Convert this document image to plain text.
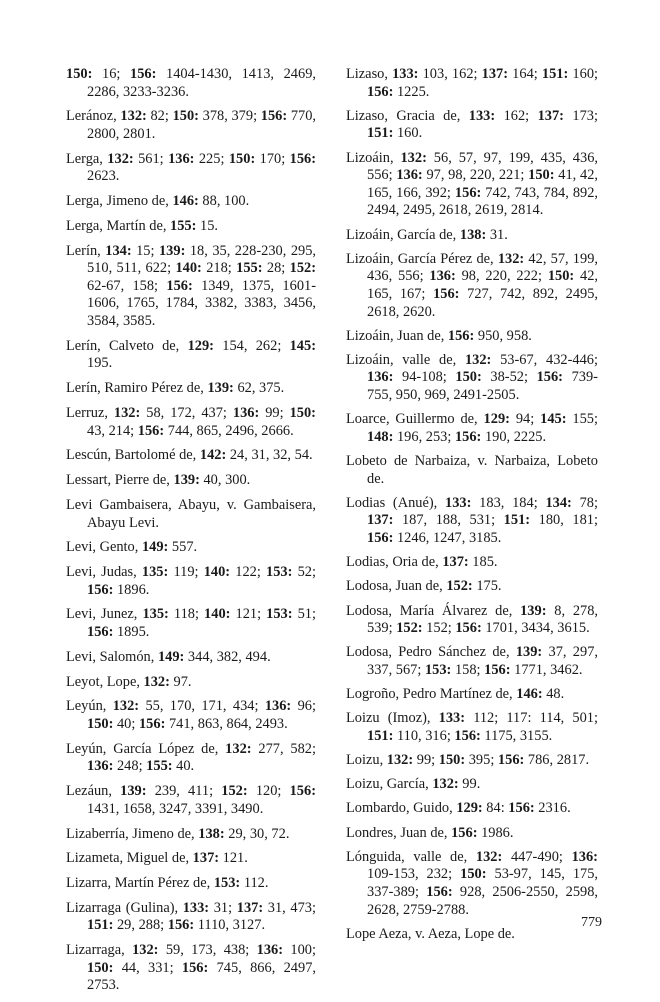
150: 16; 156: 1404-1430, 1413, 2469, 2286, 3233-3236.

Leránoz, 132: 82; 150: 378, 379; 156: 770, 2800, 2801.

Lerga, 132: 561; 136: 225; 150: 170; 156: 2623.

Lerga, Jimeno de, 146: 88, 100.

Lerga, Martín de, 155: 15.

Lerín, 134: 15; 139: 18, 35, 228-230, 295, 510, 511, 622; 140: 218; 155: 28; 152: 62-67, 158; 156: 1349, 1375, 1601-1606, 1765, 1784, 3382, 3383, 3456, 3584, 3585.

Lerín, Calveto de, 129: 154, 262; 145: 195.

Lerín, Ramiro Pérez de, 139: 62, 375.

Lerruz, 132: 58, 172, 437; 136: 99; 150: 43, 214; 156: 744, 865, 2496, 2666.

Lescún, Bartolomé de, 142: 24, 31, 32, 54.

Lessart, Pierre de, 139: 40, 300.

Levi Gambaisera, Abayu, v. Gambaisera, Abayu Levi.

Levi, Gento, 149: 557.

Levi, Judas, 135: 119; 140: 122; 153: 52; 156: 1896.

Levi, Junez, 135: 118; 140: 121; 153: 51; 156: 1895.

Levi, Salomón, 149: 344, 382, 494.

Leyot, Lope, 132: 97.

Leyún, 132: 55, 170, 171, 434; 136: 96; 150: 40; 156: 741, 863, 864, 2493.

Leyún, García López de, 132: 277, 582; 136: 248; 155: 40.

Lezáun, 139: 239, 411; 152: 120; 156: 1431, 1658, 3247, 3391, 3490.

Lizaberría, Jimeno de, 138: 29, 30, 72.

Lizameta, Miguel de, 137: 121.

Lizarra, Martín Pérez de, 153: 112.

Lizarraga (Gulina), 133: 31; 137: 31, 473; 151: 29, 288; 156: 1110, 3127.

Lizarraga, 132: 59, 173, 438; 136: 100; 150: 44, 331; 156: 745, 866, 2497, 2753.

Lizaso, 133: 103, 162; 137: 164; 151: 160; 156: 1225.

Lizaso, Gracia de, 133: 162; 137: 173; 151: 160.

Lizoáin, 132: 56, 57, 97, 199, 435, 436, 556; 136: 97, 98, 220, 221; 150: 41, 42, 165, 166, 392; 156: 742, 743, 784, 892, 2494, 2495, 2618, 2619, 2814.

Lizoáin, García de, 138: 31.

Lizoáin, García Pérez de, 132: 42, 57, 199, 436, 556; 136: 98, 220, 222; 150: 42, 165, 167; 156: 727, 742, 892, 2495, 2618, 2620.

Lizoáin, Juan de, 156: 950, 958.

Lizoáin, valle de, 132: 53-67, 432-446; 136: 94-108; 150: 38-52; 156: 739-755, 950, 969, 2491-2505.

Loarce, Guillermo de, 129: 94; 145: 155; 148: 196, 253; 156: 190, 2225.

Lobeto de Narbaiza, v. Narbaiza, Lobeto de.

Lodias (Anué), 133: 183, 184; 134: 78; 137: 187, 188, 531; 151: 180, 181; 156: 1246, 1247, 3185.

Lodias, Oria de, 137: 185.

Lodosa, Juan de, 152: 175.

Lodosa, María Álvarez de, 139: 8, 278, 539; 152: 152; 156: 1701, 3434, 3615.

Lodosa, Pedro Sánchez de, 139: 37, 297, 337, 567; 153: 158; 156: 1771, 3462.

Logroño, Pedro Martínez de, 146: 48.

Loizu (Imoz), 133: 112; 117: 114, 501; 151: 110, 316; 156: 1175, 3155.

Loizu, 132: 99; 150: 395; 156: 786, 2817.

Loizu, García, 132: 99.

Lombardo, Guido, 129: 84: 156: 2316.

Londres, Juan de, 156: 1986.

Lónguida, valle de, 132: 447-490; 136: 109-153, 232; 150: 53-97, 145, 175, 337-389; 156: 928, 2506-2550, 2598, 2628, 2759-2788.

Lope Aeza, v. Aeza, Lope de.

779
